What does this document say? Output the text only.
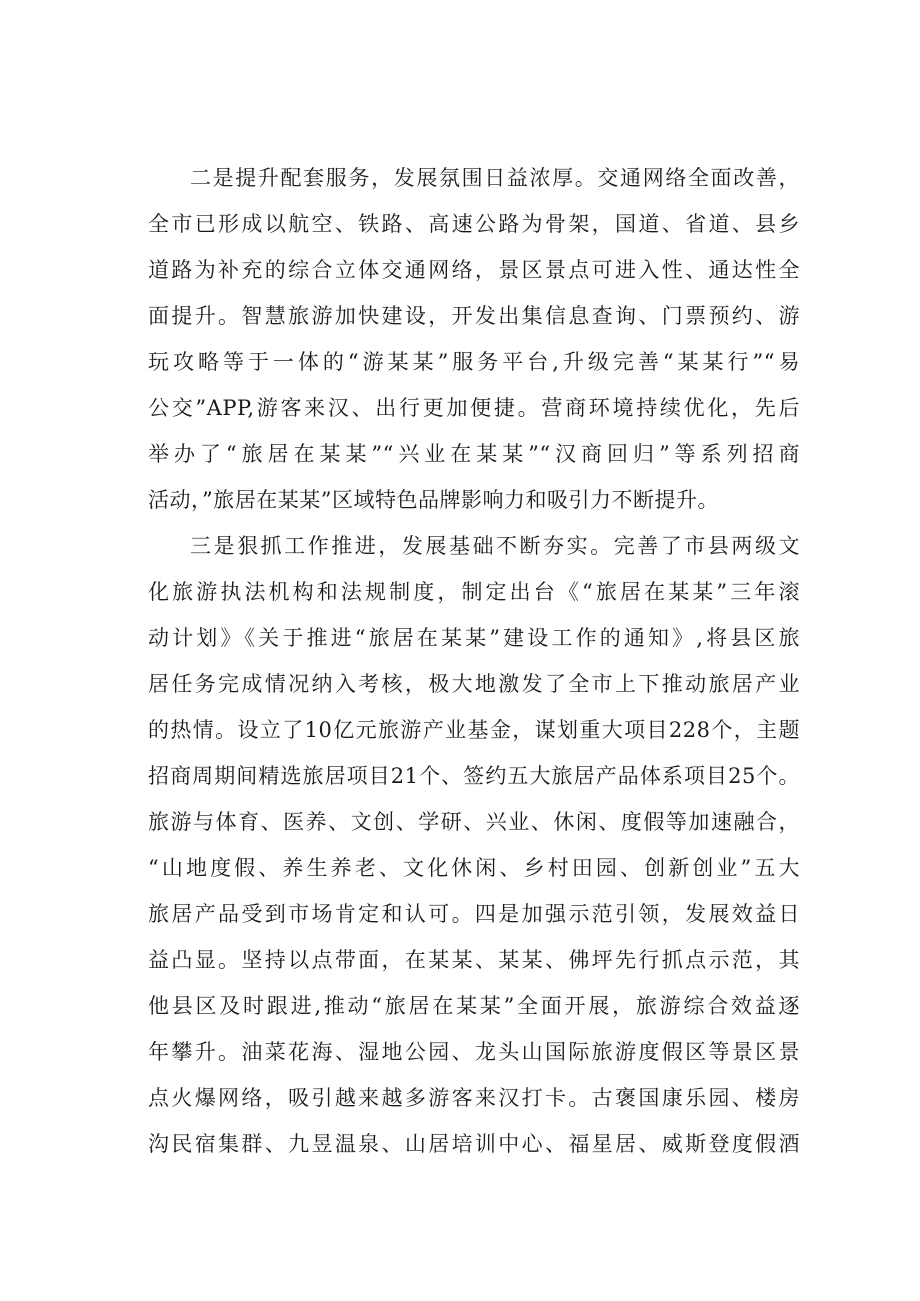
二是提升配套服务，发展氛围日益浓厚。交通网络全面改善，
全市已形成以航空、铁路、高速公路为骨架，国道、省道、县乡
道路为补充的综合立体交通网络，景区景点可进入性、通达性全
面提升。智慧旅游加快建设，开发出集信息查询、门票预约、游
玩攻略等于一体的“游某某”服务平台,升级完善“某某行”“易
公交”APP,游客来汉、出行更加便捷。营商环境持续优化，先后
举办了“旅居在某某”“兴业在某某”“汉商回归”等系列招商
活动，”旅居在某某”区域特色品牌影响力和吸引力不断提升。
三是狠抓工作推进，发展基础不断夯实。完善了市县两级文
化旅游执法机构和法规制度，制定出台《“旅居在某某”三年滚
动计划》《关于推进“旅居在某某”建设工作的通知》,将县区旅
居任务完成情况纳入考核，极大地激发了全市上下推动旅居产业
的热情。设立了10亿元旅游产业基金，谋划重大项目228个，主题
招商周期间精选旅居项目21个、签约五大旅居产品体系项目25个。
旅游与体育、医养、文创、学研、兴业、休闲、度假等加速融合，
“山地度假、养生养老、文化休闲、乡村田园、创新创业”五大
旅居产品受到市场肯定和认可。四是加强示范引领，发展效益日
益凸显。坚持以点带面，在某某、某某、佛坪先行抓点示范，其
他县区及时跟进,推动“旅居在某某”全面开展，旅游综合效益逐
年攀升。油菜花海、湿地公园、龙头山国际旅游度假区等景区景
点火爆网络，吸引越来越多游客来汉打卡。古褒国康乐园、楼房
沟民宿集群、九昱温泉、山居培训中心、福星居、威斯登度假酒
